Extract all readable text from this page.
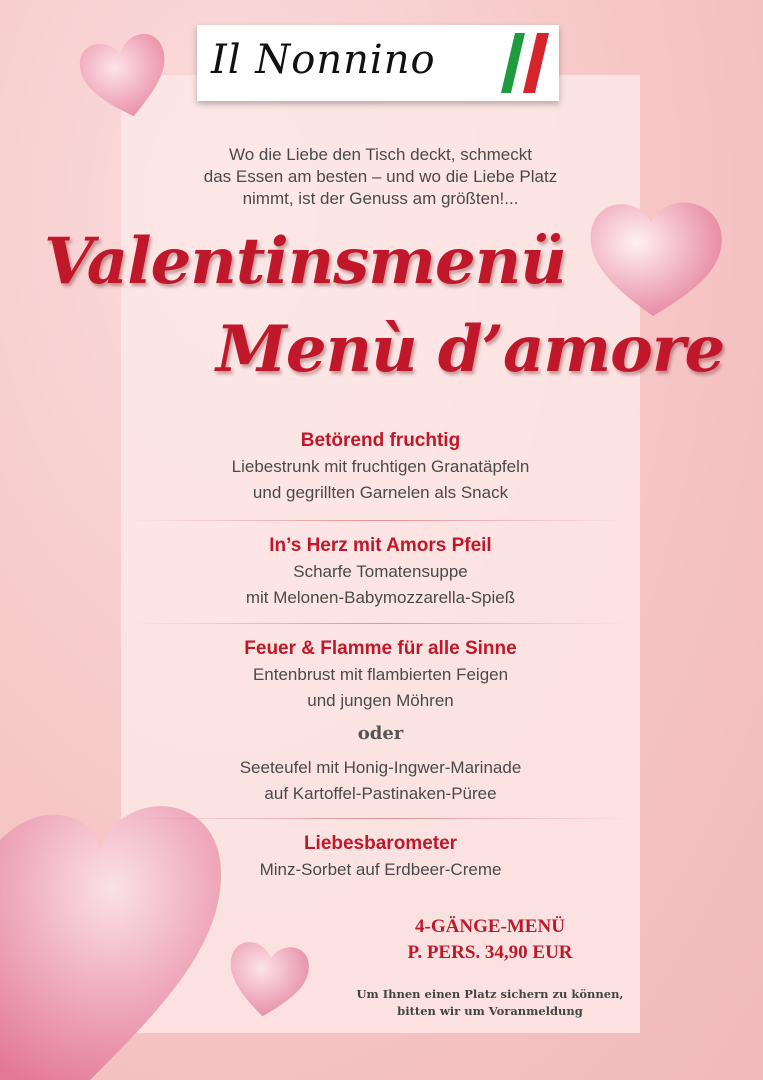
Il Nonnino
Wo die Liebe den Tisch deckt, schmeckt
das Essen am besten – und wo die Liebe Platz
nimmt, ist der Genuss am größten!...
Valentinsmenü
Menù d’amore
Betörend fruchtig
Liebestrunk mit fruchtigen Granatäpfeln
und gegrillten Garnelen als Snack
In’s Herz mit Amors Pfeil
Scharfe Tomatensuppe
mit Melonen-Babymozzarella-Spieß
Feuer & Flamme für alle Sinne
Entenbrust mit flambierten Feigen
und jungen Möhren
oder
Seeteufel mit Honig-Ingwer-Marinade
auf Kartoffel-Pastinaken-Püree
Liebesbarometer
Minz-Sorbet auf Erdbeer-Creme
4-GÄNGE-MENÜ
P. PERS. 34,90 EUR
Um Ihnen einen Platz sichern zu können,
bitten wir um Voranmeldung
